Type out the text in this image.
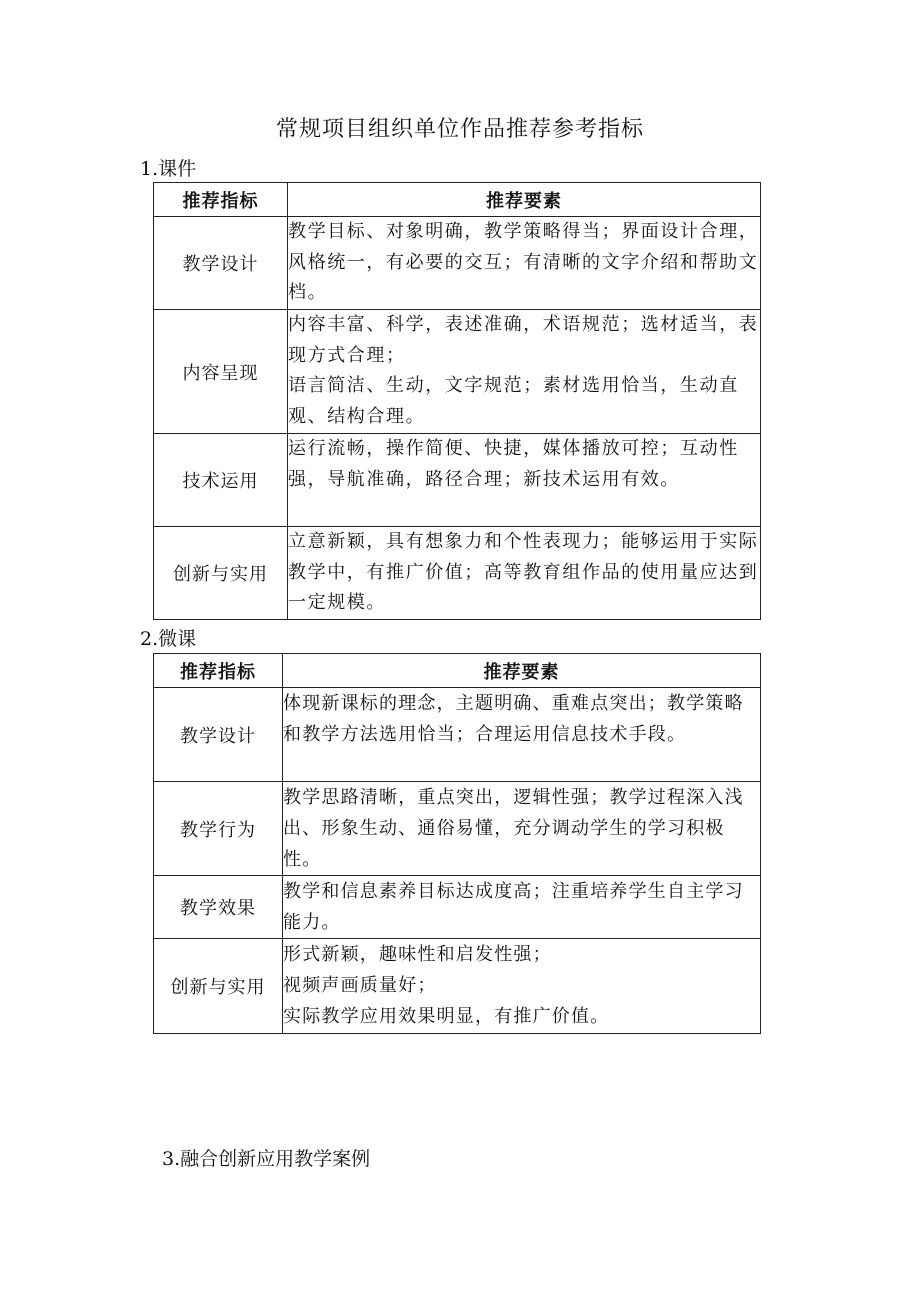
常规项目组织单位作品推荐参考指标
1.课件
推荐指标	推荐要素
教学设计	教学目标、对象明确，教学策略得当；界面设计合理，风格统一，有必要的交互；有清晰的文字介绍和帮助文档。

内容呈现	内容丰富、科学，表述准确，术语规范；选材适当，表现方式合理；
语言简洁、生动，文字规范；素材选用恰当，生动直观、结构合理。

技术运用	运行流畅，操作简便、快捷，媒体播放可控；互动性强，导航准确，路径合理；新技术运用有效。

创新与实用	立意新颖，具有想象力和个性表现力；能够运用于实际教学中，有推广价值；高等教育组作品的使用量应达到一定规模。
2.微课
推荐指标	推荐要素
教学设计	体现新课标的理念，主题明确、重难点突出；教学策略和教学方法选用恰当；合理运用信息技术手段。

教学行为	教学思路清晰，重点突出，逻辑性强；教学过程深入浅出、形象生动、通俗易懂，充分调动学生的学习积极性。

教学效果	教学和信息素养目标达成度高；注重培养学生自主学习能力。

创新与实用	形式新颖，趣味性和启发性强；
视频声画质量好；
实际教学应用效果明显，有推广价值。
3.融合创新应用教学案例
